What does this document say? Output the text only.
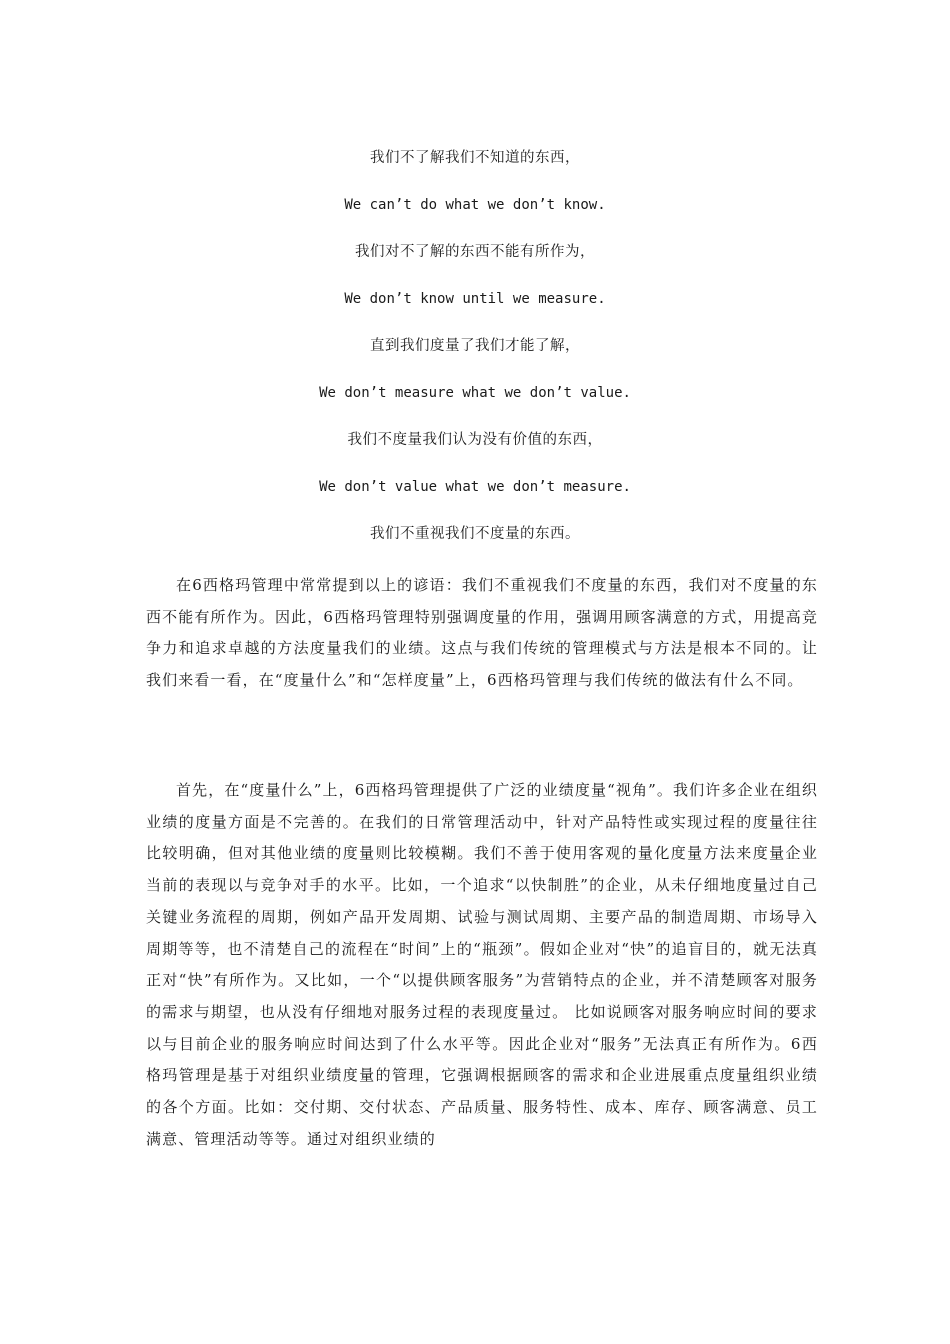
我们不了解我们不知道的东西，
We can’t do what we don’t know.
我们对不了解的东西不能有所作为，
We don’t know until we measure.
直到我们度量了我们才能了解，
We don’t measure what we don’t value.
我们不度量我们认为没有价值的东西，
We don’t value what we don’t measure.
我们不重视我们不度量的东西。

在6西格玛管理中常常提到以上的谚语：我们不重视我们不度量的东西，我们对不度量的东西不能有所作为。因此，6西格玛管理特别强调度量的作用，强调用顾客满意的方式，用提高竞争力和追求卓越的方法度量我们的业绩。这点与我们传统的管理模式与方法是根本不同的。让我们来看一看，在“度量什么”和“怎样度量”上，6西格玛管理与我们传统的做法有什么不同。

首先，在“度量什么”上，6西格玛管理提供了广泛的业绩度量“视角”。我们许多企业在组织业绩的度量方面是不完善的。在我们的日常管理活动中，针对产品特性或实现过程的度量往往比较明确，但对其他业绩的度量则比较模糊。我们不善于使用客观的量化度量方法来度量企业当前的表现以与竞争对手的水平。比如，一个追求“以快制胜”的企业，从未仔细地度量过自己关键业务流程的周期，例如产品开发周期、试验与测试周期、主要产品的制造周期、市场导入周期等等，也不清楚自己的流程在“时间”上的“瓶颈”。假如企业对“快”的追盲目的，就无法真正对“快”有所作为。又比如，一个“以提供顾客服务”为营销特点的企业，并不清楚顾客对服务的需求与期望，也从没有仔细地对服务过程的表现度量过。 比如说顾客对服务响应时间的要求以与目前企业的服务响应时间达到了什么水平等。因此企业对“服务”无法真正有所作为。6西格玛管理是基于对组织业绩度量的管理，它强调根据顾客的需求和企业进展重点度量组织业绩的各个方面。比如：交付期、交付状态、产品质量、服务特性、成本、库存、顾客满意、员工满意、管理活动等等。通过对组织业绩的
